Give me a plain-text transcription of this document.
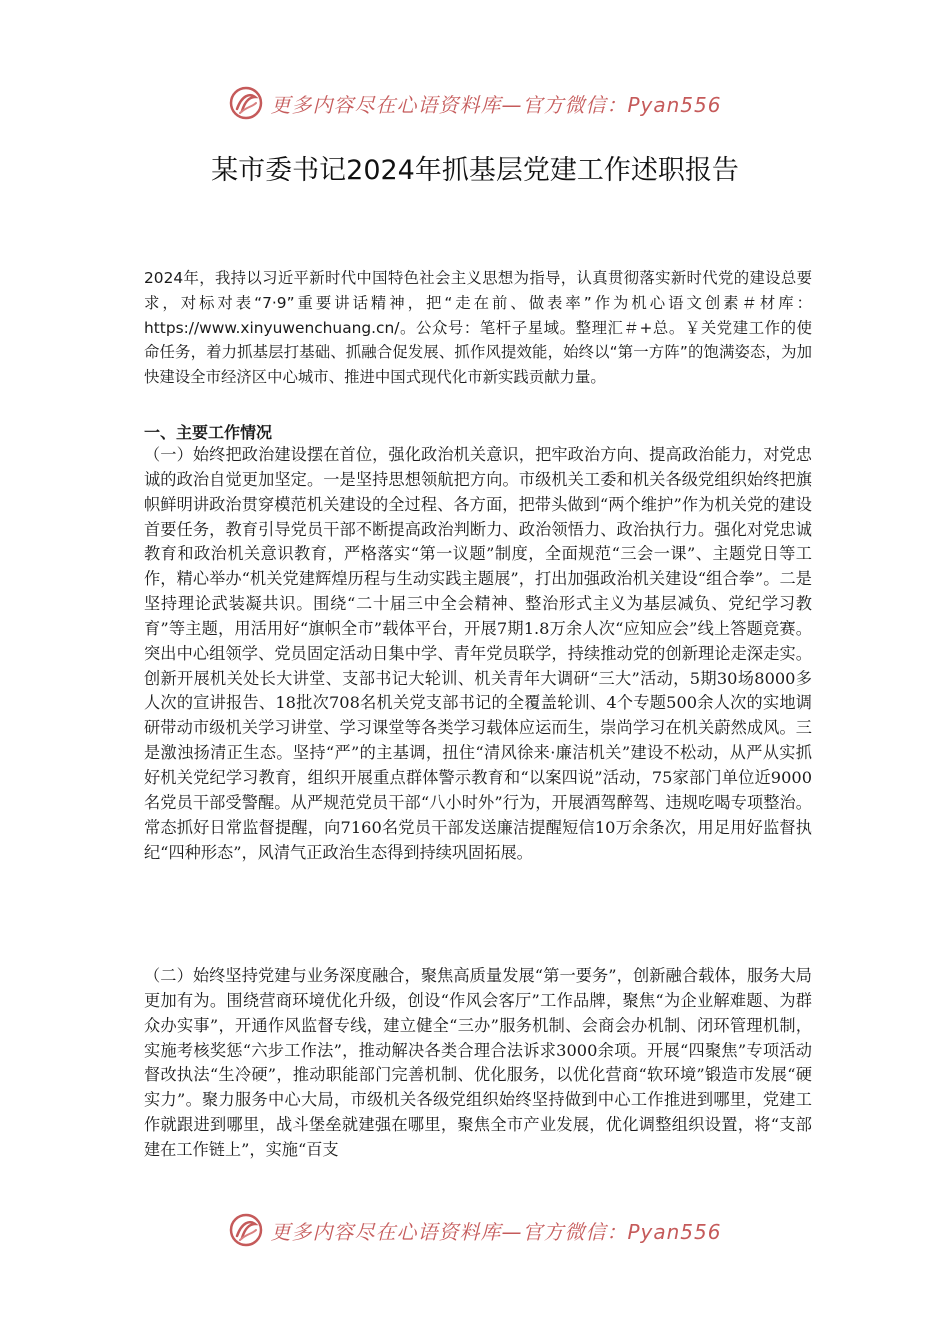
更多内容尽在心语资料库—官方微信：Pyan556
某市委书记2024年抓基层党建工作述职报告

2024年，我持以习近平新时代中国特色社会主义思想为指导，认真贯彻落实新时代党的建设总要求，对标对表“7·9”重要讲话精神，把“走在前、做表率”作为机心语文创素＃材库：https://www.xinyuwenchuang.cn/。公众号：笔杆子星域。整理汇＃+总。￥关党建工作的使命任务，着力抓基层打基础、抓融合促发展、抓作风提效能，始终以“第一方阵”的饱满姿态，为加快建设全市经济区中心城市、推进中国式现代化市新实践贡献力量。

一、主要工作情况

（一）始终把政治建设摆在首位，强化政治机关意识，把牢政治方向、提高政治能力，对党忠诚的政治自觉更加坚定。一是坚持思想领航把方向。市级机关工委和机关各级党组织始终把旗帜鲜明讲政治贯穿模范机关建设的全过程、各方面，把带头做到“两个维护”作为机关党的建设首要任务，教育引导党员干部不断提高政治判断力、政治领悟力、政治执行力。强化对党忠诚教育和政治机关意识教育，严格落实“第一议题”制度，全面规范“三会一课”、主题党日等工作，精心举办“机关党建辉煌历程与生动实践主题展”，打出加强政治机关建设“组合拳”。二是坚持理论武装凝共识。围绕“二十届三中全会精神、整治形式主义为基层减负、党纪学习教育”等主题，用活用好“旗帜全市”载体平台，开展7期1.8万余人次“应知应会”线上答题竞赛。突出中心组领学、党员固定活动日集中学、青年党员联学，持续推动党的创新理论走深走实。创新开展机关处长大讲堂、支部书记大轮训、机关青年大调研“三大”活动，5期30场8000多人次的宣讲报告、18批次708名机关党支部书记的全覆盖轮训、4个专题500余人次的实地调研带动市级机关学习讲堂、学习课堂等各类学习载体应运而生，崇尚学习在机关蔚然成风。三是激浊扬清正生态。坚持“严”的主基调，扭住“清风徐来·廉洁机关”建设不松动，从严从实抓好机关党纪学习教育，组织开展重点群体警示教育和“以案四说”活动，75家部门单位近9000名党员干部受警醒。从严规范党员干部“八小时外”行为，开展酒驾醉驾、违规吃喝专项整治。常态抓好日常监督提醒，向7160名党员干部发送廉洁提醒短信10万余条次，用足用好监督执纪“四种形态”，风清气正政治生态得到持续巩固拓展。

（二）始终坚持党建与业务深度融合，聚焦高质量发展“第一要务”，创新融合载体，服务大局更加有为。围绕营商环境优化升级，创设“作风会客厅”工作品牌，聚焦“为企业解难题、为群众办实事”，开通作风监督专线，建立健全“三办”服务机制、会商会办机制、闭环管理机制，实施考核奖惩“六步工作法”，推动解决各类合理合法诉求3000余项。开展“四聚焦”专项活动督改执法“生冷硬”，推动职能部门完善机制、优化服务，以优化营商“软环境”锻造市发展“硬实力”。聚力服务中心大局，市级机关各级党组织始终坚持做到中心工作推进到哪里，党建工作就跟进到哪里，战斗堡垒就建强在哪里，聚焦全市产业发展，优化调整组织设置，将“支部建在工作链上”，实施“百支

更多内容尽在心语资料库—官方微信：Pyan556
